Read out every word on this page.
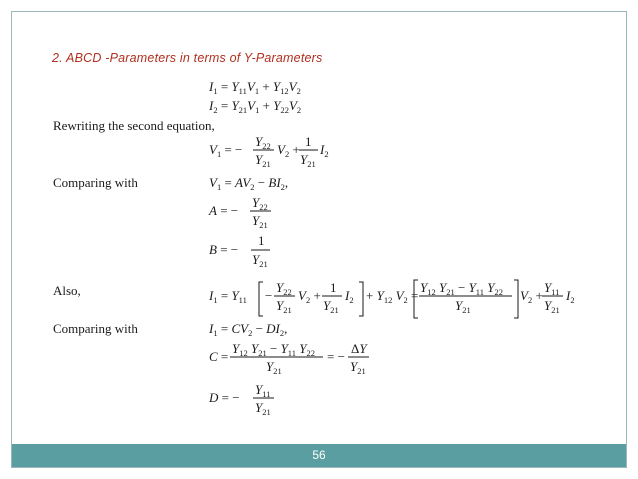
2. ABCD -Parameters in terms of Y-Parameters
$I_1 = Y_{11}V_1 + Y_{12}V_2$
$I_2 = Y_{21}V_1 + Y_{22}V_2$
Rewriting the second equation,
$V_1$ = −
$Y_{22}$
$Y_{21}$
$V_2$ +
1
$Y_{21}$
$I_2$
Comparing with	$V_1 = AV_2 - BI_2$,
A = −
$Y_{22}$
$Y_{21}$
B = −
1
$Y_{21}$
Also,	$I_1 = Y_{11}$ −
$Y_{22}$
$Y_{21}$
$V_2$ +
1
$Y_{21}$
$I_2 + Y_{12}$ $V_2$ =
$Y_{12}$ $Y_{21} - Y_{11}$ $Y_{22}$
$Y_{21}$
$V_2$ +
$Y_{11}$
$Y_{21}$
$I_2$
Comparing with	$I_1 = CV_2 - DI_2$,
C =
$Y_{12}$ $Y_{21} - Y_{11}$ $Y_{22}$
$Y_{21}$
= −
ΔY
$Y_{21}$
D = −
$Y_{11}$
$Y_{21}$
56
